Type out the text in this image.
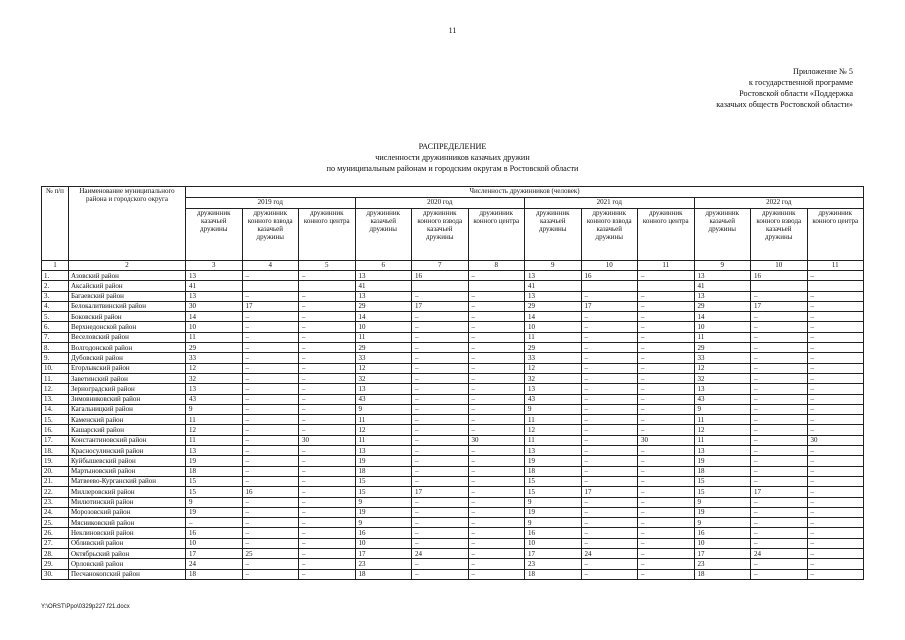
11
Приложение № 5
к государственной программе
Ростовской области «Поддержка
казачьих обществ Ростовской области»
РАСПРЕДЕЛЕНИЕ
численности дружинников казачьих дружин
по муниципальным районам и городским округам в Ростовской области
№ п/п	Наименование муниципального района и городского округа	Численность дружинников (человек)											
		2019 год			2020 год			2021 год			2022 год		
		дружинник казачьей дружины	дружинник конного взвода казачьей дружины	дружинник конного центра	дружинник казачьей дружины	дружинник конного взвода казачьей дружины	дружинник конного центра	дружинник казачьей дружины	дружинник конного взвода казачьей дружины	дружинник конного центра	дружинник казачьей дружины	дружинник конного взвода казачьей дружины	дружинник конного центра
1	2	3	4	5	6	7	8	9	10	11	9	10	11
1.	Азовский район	13	–	–	13	16	–	13	16	–	13	16	–
2.	Аксайский район	41			41			41			41		
3.	Багаевский район	13	–	–	13	–	–	13	–	–	13	–	–
4.	Белокалитвинский район	30	17	–	29	17	–	29	17	–	29	17	–
5.	Боковский район	14	–	–	14	–	–	14	–	–	14	–	–
6.	Верхнедонской район	10	–	–	10	–	–	10	–	–	10	–	–
7.	Веселовский район	11	–	–	11	–	–	11	–	–	11	–	–
8.	Волгодонской район	29	–	–	29	–	–	29	–	–	29	–	–
9.	Дубовский район	33	–	–	33	–	–	33	–	–	33	–	–
10.	Егорлыкский район	12	–	–	12	–	–	12	–	–	12	–	–
11.	Заветинский район	32	–	–	32	–	–	32	–	–	32	–	–
12.	Зерноградский район	13	–	–	13	–	–	13	–	–	13	–	–
13.	Зимовниковский район	43	–	–	43	–	–	43	–	–	43	–	–
14.	Кагальницкий район	9	–	–	9	–	–	9	–	–	9	–	–
15.	Каменский район	11	–	–	11	–	–	11	–	–	11	–	–
16.	Кашарский район	12	–	–	12	–	–	12	–	–	12	–	–
17.	Константиновский район	11	–	30	11	–	30	11	–	30	11	–	30
18.	Красносулинский район	13	–	–	13	–	–	13	–	–	13	–	–
19.	Куйбышевский район	19	–	–	19	–	–	19	–	–	19	–	–
20.	Мартыновский район	18	–	–	18	–	–	18	–	–	18	–	–
21.	Матвеево-Курганский район	15	–	–	15	–	–	15	–	–	15	–	–
22.	Миллеровский район	15	16	–	15	17	–	15	17	–	15	17	–
23.	Милютинский район	9	–	–	9	–	–	9	–	–	9	–	–
24.	Морозовский район	19	–	–	19	–	–	19	–	–	19	–	–
25.	Мясниковский район	–	–	–	9	–	–	9	–	–	9	–	–
26.	Неклиновский район	16	–	–	16	–	–	16	–	–	16	–	–
27.	Обливский район	10	–	–	10	–	–	10	–	–	10	–	–
28.	Октябрьский район	17	25	–	17	24	–	17	24	–	17	24	–
29.	Орловский район	24	–	–	23	–	–	23	–	–	23	–	–
30.	Песчанокопский район	18	–	–	18	–	–	18	–	–	18	–	–
Y:\ORST\Ppo\0329p227.f21.docx
